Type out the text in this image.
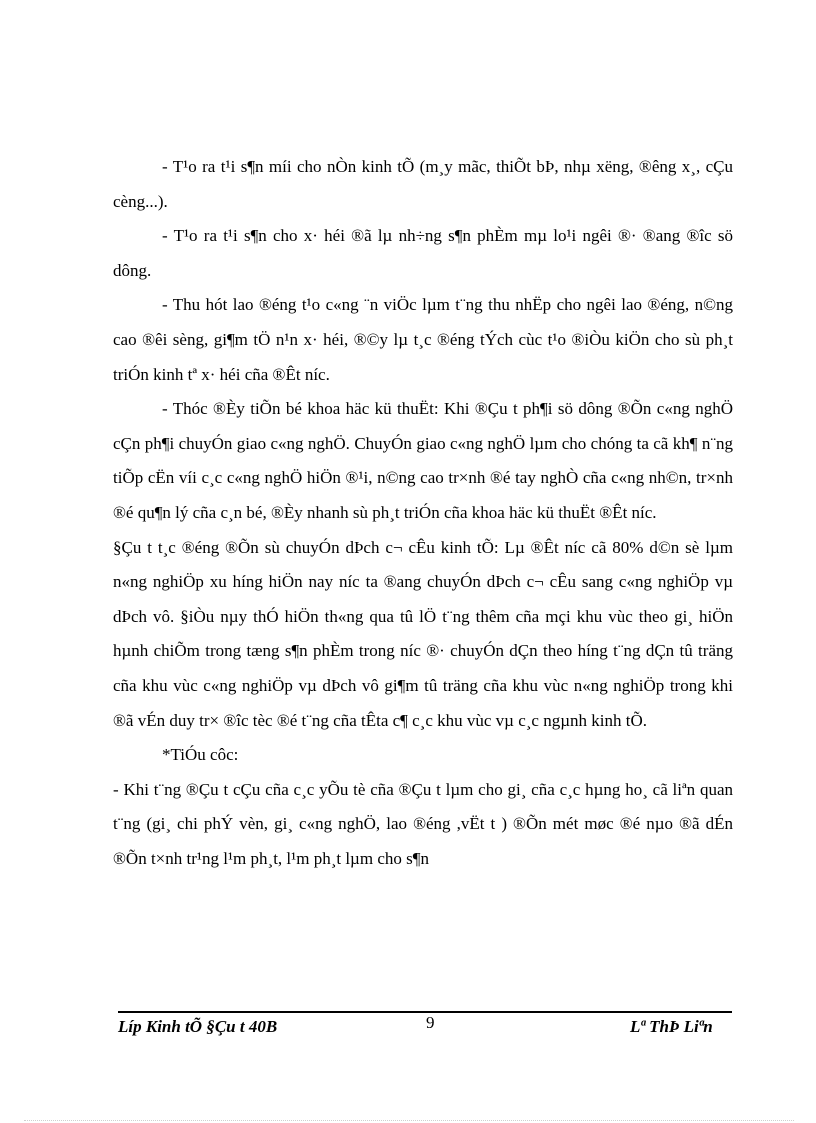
- T¹o ra t¹i s¶n míi cho nÒn kinh tÕ (m¸y mãc, thiÕt bÞ, nhµ xëng, ®êng x¸, cÇu cèng...).

- T¹o ra t¹i s¶n cho x· héi ®ã lµ nh÷ng s¶n phÈm mµ lo¹i ngêi ®· ®ang ®îc sö dông.

- Thu hót lao ®éng t¹o c«ng ¨n viÖc lµm t¨ng thu nhËp cho ngêi lao ®éng, n©ng cao ®êi sèng, gi¶m tÖ n¹n x· héi, ®©y lµ t¸c ®éng tÝch cùc t¹o ®iÒu kiÖn cho sù ph¸t triÓn kinh tª x· héi cña ®Êt níc.

- Thóc ®Èy tiÕn bé khoa häc kü thuËt: Khi ®Çu t ph¶i sö dông ®Õn c«ng nghÖ cÇn ph¶i chuyÓn giao c«ng nghÖ. ChuyÓn giao c«ng nghÖ lµm cho chóng ta cã kh¶ n¨ng tiÕp cËn víi c¸c c«ng nghÖ hiÖn ®¹i, n©ng cao tr×nh ®é tay nghÒ cña c«ng nh©n, tr×nh ®é qu¶n lý cña c¸n bé, ®Èy nhanh sù ph¸t triÓn cña khoa häc kü thuËt ®Êt níc.

§Çu t t¸c ®éng ®Õn sù chuyÓn dÞch c¬ cÊu kinh tÕ: Lµ ®Êt níc cã 80% d©n sè lµm n«ng nghiÖp xu híng hiÖn nay níc ta ®ang chuyÓn dÞch c¬ cÊu sang c«ng nghiÖp vµ dÞch vô. §iÒu nµy thÓ hiÖn th«ng qua tû lÖ t¨ng thêm cña mçi khu vùc theo gi¸ hiÖn hµnh chiÕm trong tæng s¶n phÈm trong níc ®· chuyÓn dÇn theo híng t¨ng dÇn tû träng cña khu vùc c«ng nghiÖp vµ dÞch vô gi¶m tû träng cña khu vùc n«ng nghiÖp trong khi ®ã vÉn duy tr× ®îc tèc ®é t¨ng cña tÊta c¶ c¸c khu vùc vµ c¸c ngµnh kinh tÕ.

*TiÓu côc:

- Khi t¨ng ®Çu t cÇu cña c¸c yÕu tè cña ®Çu t lµm cho gi¸ cña c¸c hµng ho¸ cã liªn quan t¨ng (gi¸ chi phÝ vèn, gi¸ c«ng nghÖ, lao ®éng ,vËt t ) ®Õn mét møc ®é nµo ®ã dÉn ®Õn t×nh tr¹ng l¹m ph¸t, l¹m ph¸t lµm cho s¶n

Líp Kinh tÕ §Çu t 40B	9	Lª ThÞ Liªn
